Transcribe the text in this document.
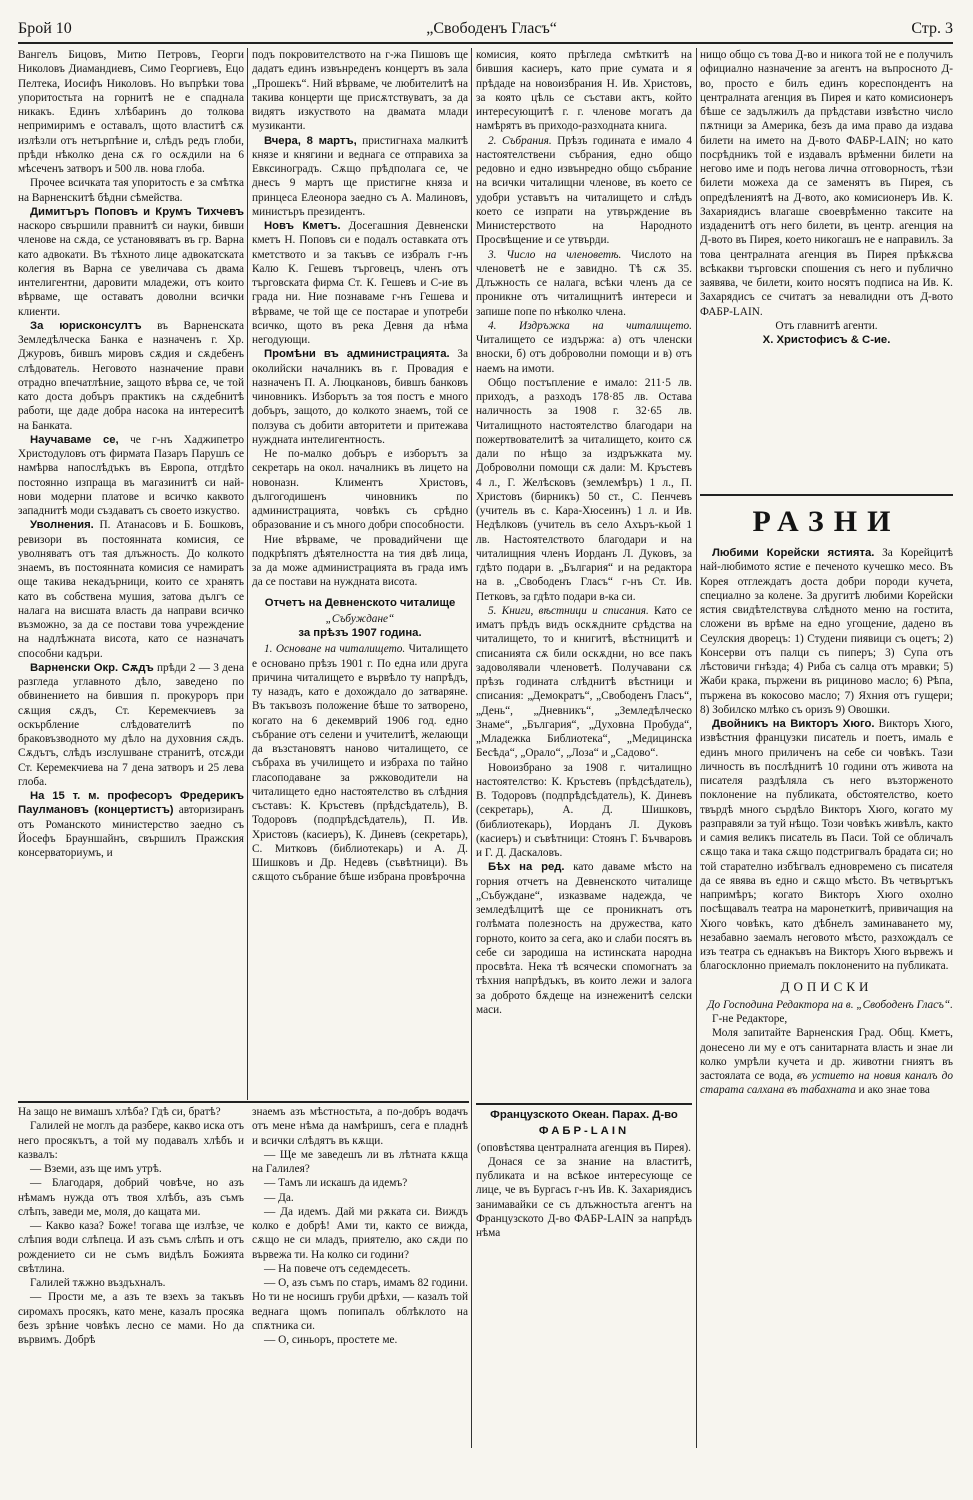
Брой 10	„Свободенъ Гласъ“	Стр. 3

Вангелъ Бицовъ, Митю Петровъ, Георги Николовъ Диамандиевъ, Симо Георгиевъ, Ецо Пелтека, Иосифъ Николовъ. Но въпрѣки това упоритостьта на горнитѣ не е спаднала никакъ. Единъ хлѣбаринъ до толкова непримиримъ е оставалъ, щото властитѣ сѫ излѣзли отъ нетърпѣние и, слѣдъ редъ глоби, прѣди нѣколко дена сѫ го осѫдили на 6 мѣсеченъ затворъ и 500 лв. нова глоба.

Прочее всичката тая упоритость е за смѣтка на Варненскитѣ бѣдни сѣмейства.

Димитъръ Поповъ и Крумъ Тихчевъ наскоро свършили правнитѣ си науки, бивши членове на сѫда, се установяватъ въ гр. Варна като адвокати. Въ тѣхното лице адвокатската колегия въ Варна се увеличава съ двама интелигентни, даровити младежи, отъ които вѣрваме, ще оставатъ доволни всички клиенти.

За юрисконсултъ въ Варненската Земледѣлческа Банка е назначенъ г. Хр. Джуровъ, бившъ мировъ сѫдия и сѫдебенъ слѣдователь. Неговото назначение прави отрадно впечатлѣние, защото вѣрва се, че той като доста добъръ практикъ на сѫдебнитѣ работи, ще даде добра насока на интереситѣ на Банката.

Научаваме се, че г-нъ Хаджипетро Христодуловъ отъ фирмата Пазаръ Парушъ се намѣрва напослѣдъкъ въ Европа, отгдѣто постоянно изпраща въ магазинитѣ си най-нови модерни платове и всичко каквото западнитѣ моди създаватъ съ своето изкуство.

Уволнения. П. Атанасовъ и Б. Бошковъ, ревизори въ постоянната комисия, се уволняватъ отъ тая длъжность. До колкото знаемъ, въ постоянната комисия се намиратъ още такива некадърници, които се хранятъ като въ собствена мушия, затова дългъ се налага на висшата власть да направи всичко възможно, за да се постави това учреждение на надлѣжната висота, като се назначатъ способни кадъри.

Варненски Окр. Сѫдъ прѣди 2 — 3 дена разгледа углавното дѣло, заведено по обвинението на бившия п. прокуроръ при сѫщия сѫдъ, Ст. Керемекчиевъ за оскърбление слѣдователитѣ по браковъзводното му дѣло на духовния сѫдъ. Сѫдътъ, слѣдъ изслушване странитѣ, отсѫди Ст. Керемекчиева на 7 дена затворъ и 25 лева глоба.

На 15 т. м. професоръ Фредерикъ Паулмановъ (концертистъ) авторизиранъ отъ Романското министерство заедно съ Йосефъ Брауншайнъ, свършилъ Пражския консерваториумъ, и

подъ покровителството на г-жа Пишовъ ще дадатъ единъ извънреденъ концертъ въ зала „Прошекъ“. Ний вѣрваме, че любителитѣ на такива концерти ще присѫтствуватъ, за да видятъ изкуството на двамата млади музиканти.

Вчера, 8 мартъ, пристигнаха малкитѣ князе и княгини и веднага се отправиха за Евксиноградъ. Сѫщо прѣдполага се, че днесъ 9 мартъ ще пристигне княза и принцеса Елеонора заедно съ А. Малиновъ, министъръ президентъ.

Новъ Кметъ. Досегашния Девненски кметъ Н. Поповъ си е подалъ оставката отъ кметството и за такъвъ се избралъ г-нъ Калю К. Гешевъ търговецъ, членъ отъ търговската фирма Ст. К. Гешевъ и С-ие въ града ни. Ние познаваме г-нъ Гешева и вѣрваме, че той ще се постарае и употреби всичко, щото въ река Девня да нѣма негодующи.

Промѣни въ администрацията. За околийски началникъ въ г. Провадия е назначенъ П. А. Люцкановъ, бившъ банковъ чиновникъ. Изборътъ за тоя постъ е много добъръ, защото, до колкото знаемъ, той се ползува съ добити авторитети и притежава нуждната интелигентность.

Не по-малко добъръ е изборътъ за секретарь на окол. началникъ въ лицето на новоназн. Климентъ Христовъ, дългогодишенъ чиновникъ по администрацията, човѣкъ съ срѣдно образование и съ много добри способности.

Ние вѣрваме, че провадийчени ще подкрѣпятъ дѣятелността на тия двѣ лица, за да може администрацията въ града имъ да се постави на нуждната висота.

Отчетъ на Девненското читалище

„Събуждане“

за прѣзъ 1907 година.

1. Основане на читалището. Читалището е основано прѣзъ 1901 г. По една или друга причина читалището е вървѣло ту напрѣдъ, ту назадъ, като е дохождало до затваряне. Въ такъвозъ положение бѣше то затворено, когато на 6 декемврий 1906 год. едно събрание отъ селени и учителитѣ, желающи да възстановятъ наново читалището, се събраха въ училището и избраха по тайно гласоподаване за ржководители на читалището едно настоятелство въ слѣдния съставъ: К. Кръстевъ (прѣдсѣдатель), В. Тодоровъ (подпрѣдсѣдатель), П. Ив. Христовъ (касиеръ), К. Диневъ (секретарь), С. Митковъ (библиотекарь) и А. Д. Шишковъ и Др. Недевъ (съвѣтници). Въ сѫщото събрание бѣше избрана провѣрочна

комисия, която прѣгледа смѣткитѣ на бившия касиеръ, като прие сумата и я прѣдаде на новоизбрания Н. Ив. Христовъ, за която цѣль се състави актъ, който интересующитѣ г. г. членове могатъ да намѣрятъ въ приходо-разходната книга.

2. Събрания. Прѣзъ годината е имало 4 настоятелствени събрания, едно общо редовно и едно извънредно общо събрание на всички читалищни членове, въ което се удобри уставътъ на читалището и слѣдъ което се изпрати на утвърждение въ Министерството на Народното Просвѣщение и се утвърди.

3. Число на членоветѣ. Числото на членоветѣ не е завидно. Тѣ сѫ 35. Длъжность се налага, всѣки членъ да се проникне отъ читалищнитѣ интереси и запише попе по нѣколко члена.

4. Издръжка на читалището. Читалището се издържа: а) отъ членски вноски, б) отъ доброволни помощи и в) отъ наемъ на имоти.

Общо постъпление е имало: 211·5 лв. приходъ, а разходъ 178·85 лв. Остава наличность за 1908 г. 32·65 лв. Читалищното настоятелство благодари на пожертвователитѣ за читалището, които сѫ дали по нѣщо за издръжката му. Доброволни помощи сѫ дали: М. Кръстевъ 4 л., Г. Желѣсковъ (землемѣръ) 1 л., П. Христовъ (бирникъ) 50 ст., С. Пенчевъ (учитель въ с. Кара-Хюсеинъ) 1 л. и Ив. Недѣлковъ (учитель въ село Ахъръ-кьой 1 лв. Настоятелството благодари и на читалищния членъ Иорданъ Л. Дуковъ, за гдѣто подари в. „България“ и на редактора на в. „Свободенъ Гласъ“ г-нъ Ст. Ив. Петковъ, за гдѣто подари в-ка си.

5. Книги, вѣстници и списания. Като се иматъ прѣдъ видъ оскѫдните срѣдства на читалището, то и книгитѣ, вѣстницитѣ и списанията сѫ били оскѫдни, но все пакъ задоволявали членоветѣ. Получавани сѫ прѣзъ годината слѣднитѣ вѣстници и списания: „Демократъ“, „Свободенъ Гласъ“, „День“, „Дневникъ“, „Земледѣлческо Знаме“, „България“, „Духовна Пробуда“, „Младежка Библиотека“, „Медицинска Бесѣда“, „Орало“, „Лоза“ и „Садово“.

Новоизбрано за 1908 г. читалищно настоятелство: К. Кръстевъ (прѣдсѣдатель), В. Тодоровъ (подпрѣдсѣдатель), К. Диневъ (секретарь), А. Д. Шишковъ, (библиотекарь), Иорданъ Л. Дуковъ (касиеръ) и съвѣтници: Стоянъ Г. Бъчваровъ и Г. Д. Даскаловъ.

Бѣх на ред. като даваме мѣсто на горния отчетъ на Девненското читалище „Събуждане“, изказваме надежда, че земледѣлцитѣ ще се проникнатъ отъ голѣмата полезность на дружества, като горното, които за сега, ако и слаби посятъ въ себе си зародиша на истинската народна просвѣта. Нека тѣ всячески спомогнатъ за тѣхния напрѣдъкъ, въ които лежи и залога за доброто бѫдеще на изнеженитѣ селски маси.

нищо общо съ това Д-во и никога той не е получилъ официално назначение за агентъ на въпросното Д-во, просто е билъ единъ кореспондентъ на централната агенция въ Пирея и като комисионеръ бѣше се задължилъ да прѣдстави извѣстно число пѫтници за Америка, безъ да има право да издава билети на името на Д-вото ФАБР-LAIN; но като посрѣдникъ той е издавалъ врѣменни билети на негово име и подъ негова лична отговорность, тѣзи билети можеха да се заменятъ въ Пирея, съ опредѣлениятѣ на Д-вото, ако комисионеръ Ив. К. Захариядисъ влагаше своеврѣменно таксите на издаденитѣ отъ него билети, въ центр. агенция на Д-вото въ Пирея, което никогашъ не е направилъ. За това централната агенция въ Пирея прѣкѫсва всѣкакви търговски спошения съ него и публично заявява, че билети, които носятъ подписа на Ив. К. Захарядисъ се считатъ за невалидни отъ Д-вото ФАБР-LAIN.

Отъ главнитѣ агенти.

Х. Христофисъ & С-ие.

РАЗНИ

Любими Корейски ястията. За Корейцитѣ най-любимото ястие е печеното кучешко месо. Въ Корея отглеждатъ доста добри породи кучета, специално за колене. За другитѣ любими Корейски ястия свидѣтелствува слѣдното меню на гостита, сложени въ врѣме на едно угощение, дадено въ Сеулския дворецъ: 1) Студени пиявици съ оцетъ; 2) Консерви отъ палци съ пиперъ; 3) Супа отъ лѣстовичи гнѣзда; 4) Риба съ салца отъ мравки; 5) Жаби крака, пържени въ рициново масло; 6) Рѣпа, пържена въ кокосово масло; 7) Яхния отъ гущери; 8) Зобилско млѣко съ оризъ 9) Овошки.

Двойникъ на Викторъ Хюго. Викторъ Хюго, извѣстния французки писатель и поетъ, ималь е единъ много приличенъ на себе си човѣкъ. Тази личность въ послѣднитѣ 10 години отъ живота на писателя раздѣляла съ него възторженото поклонение на публиката, обстоятелство, което твърдѣ много сърдѣло Викторъ Хюго, когато му разправяли за туй нѣщо. Този човѣкъ живѣлъ, както и самия великъ писатель въ Паси. Той се обличалъ сѫщо така и така сѫщо подстригвалъ брадата си; но той старателно избѣгвалъ едновремено съ писателя да се явява въ едно и сѫщо мѣсто. Въ четвъртъкъ напримѣръ; когато Викторъ Хюго охолно посѣщавалъ театра на маронеткитѣ, привичащия на Хюго човѣкъ, като дѣбнелъ заминаването му, незабавно заемалъ неговото мѣсто, разхождалъ се изъ театра съ еднакъвъ на Викторъ Хюго вървежъ и благосклонно приемалъ поклоненито на публиката.

ДОПИСКИ

До Господина Редактора на в. „Свободенъ Гласъ“.

Г-не Редакторе,

Моля запитайте Варненския Град. Общ. Кметъ, донесено ли му е отъ санитарната власть и знае ли колко умрѣли кучета и др. животни гниятъ въ застоялата се вода, въ устието на новия каналъ до старата салхана въ табахната и ако знае това

На защо не вимашъ хлѣба? Гдѣ си, братѣ?

Галилей не моглъ да разбере, какво иска отъ него просякътъ, а той му подавалъ хлѣбъ и казвалъ:

— Вземи, азъ ще имъ утрѣ.

— Благодаря, добрий човѣче, но азъ нѣмамъ нужда отъ твоя хлѣбъ, азъ съмъ слѣпъ, заведи ме, моля, до кащата ми.

— Какво каза? Боже! тогава ще излѣзе, че слѣпия води слѣпеца. И азъ съмъ слѣпъ и отъ рождението си не съмъ видѣлъ Божията свѣтлина.

Галилей тѫжно въздъхналъ.

— Прости ме, а азъ те взехъ за такъвъ сиромахъ просякъ, като мене, казалъ просяка безъ зрѣние човѣкъ лесно се мами. Но да вървимъ. Добрѣ

знаемъ азъ мѣстностьта, а по-добръ водачъ отъ мене нѣма да намѣришъ, сега е пладнѣ и всички слѣдятъ въ кѫщи.

— Ще ме заведешъ ли въ лѣтната кѫща на Галилея?

— Тамъ ли искашъ да идемъ?

— Да.

— Да идемъ. Дай ми рѫката си. Виждъ колко е добрѣ! Ами ти, както се вижда, сѫщо не си младъ, приятелю, ако сѫди по вървежа ти. На колко си години?

— На повече отъ седемдесеть.

— О, азъ съмъ по старъ, имамъ 82 години. Но ти не носишъ груби дрѣхи, — казалъ той веднага щомъ попипалъ облѣклото на спѫтника си.

— О, синьоръ, простете ме.

Французското Океан. Парах. Д-во

ФАБР-LAIN

(оповѣстява централната агенция въ Пирея).

Донася се за знание на властитѣ, публиката и на всѣкое интересующе се лице, че въ Бургасъ г-нъ Ив. К. Захариядисъ занимавайки се съ длъжностьта агентъ на Французското Д-во ФАБР-LAIN за напрѣдъ нѣма
